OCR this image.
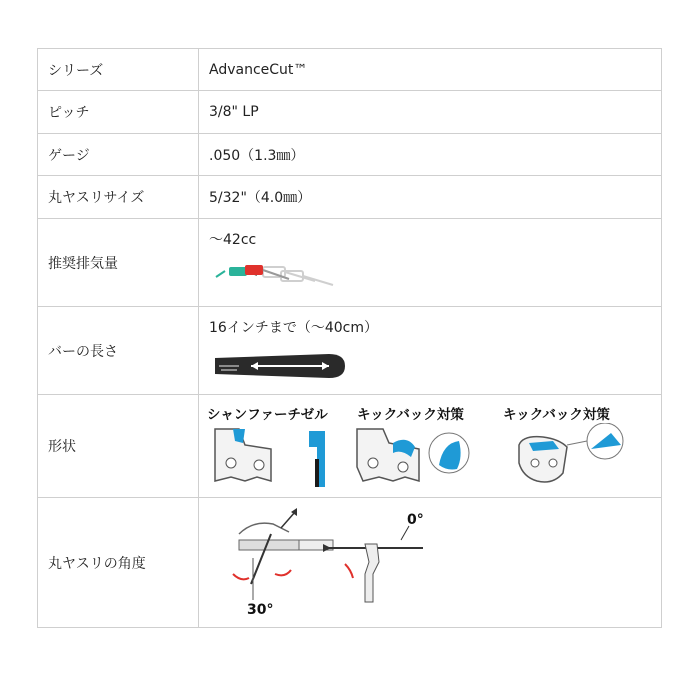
シリーズ	AdvanceCut™
ピッチ	3/8" LP
ゲージ	.050（1.3㎜）
丸ヤスリサイズ	5/32"（4.0㎜）
推奨排気量	～42cc

バーの長さ	16インチまで（～40cm）

形状	シャンファーチゼル キックバック対策 キックバック対策

丸ヤスリの角度	30°
0°
